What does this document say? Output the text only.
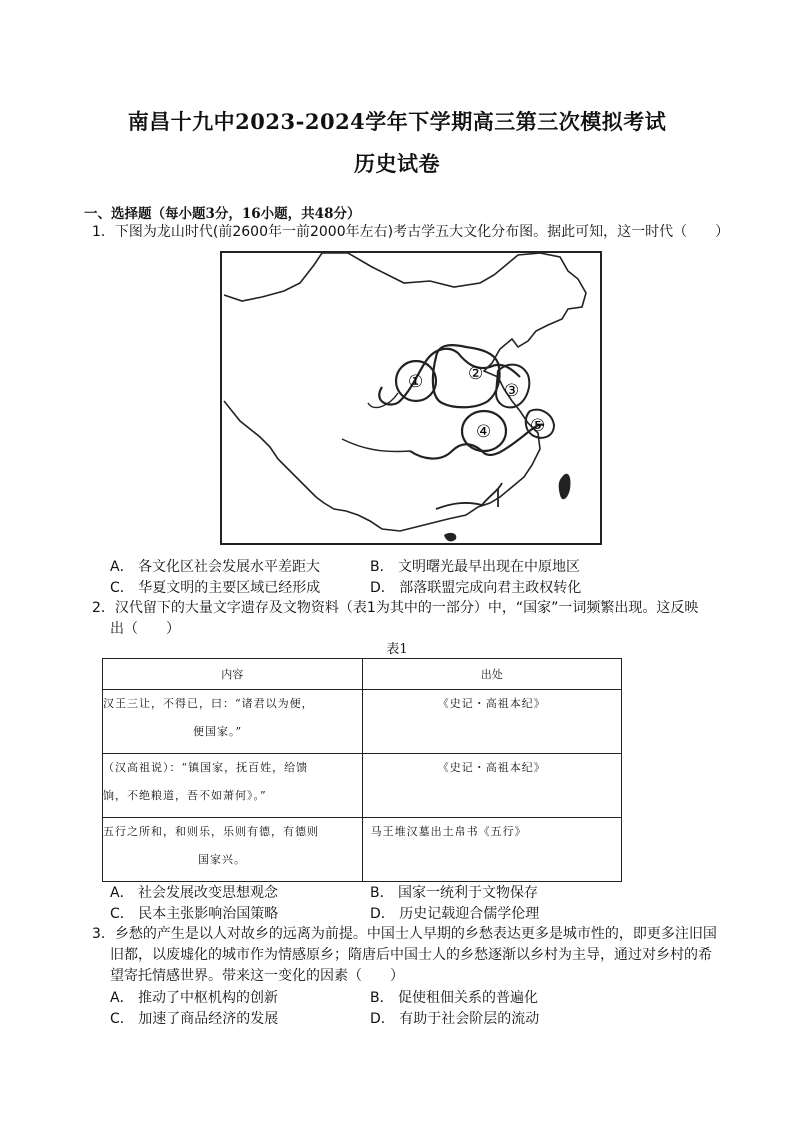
南昌十九中2023-2024学年下学期高三第三次模拟考试
历史试卷
一、选择题（每小题3分，16小题，共48分）
1．下图为龙山时代(前2600年一前2000年左右)考古学五大文化分布图。据此可知，这一时代（　　）
①	②
③
④ ⑤
A． 各文化区社会发展水平差距大	B． 文明曙光最早出现在中原地区
C． 华夏文明的主要区域已经形成	D． 部落联盟完成向君主政权转化
2．汉代留下的大量文字遗存及文物资料（表1为其中的一部分）中，“国家”一词频繁出现。这反映
出（　　）
表1
内容	出处
汉王三让，不得已，曰：“诸君以为便，
便国家。”	《史记・高祖本纪》
（汉高祖说）：“镇国家，抚百姓，给馈
饷，不绝粮道，吾不如萧何》。”	《史记・高祖本纪》
五行之所和，和则乐，乐则有德，有德则
国家兴。	马王堆汉墓出土帛书《五行》
A． 社会发展改变思想观念	B． 国家一统利于文物保存
C． 民本主张影响治国策略	D． 历史记载迎合儒学伦理
3．乡愁的产生是以人对故乡的远离为前提。中国士人早期的乡愁表达更多是城市性的，即更多注旧国
旧都，以废墟化的城市作为情感原乡；隋唐后中国士人的乡愁逐渐以乡村为主导，通过对乡村的希
望寄托情感世界。带来这一变化的因素（　　）
A． 推动了中枢机构的创新	B． 促使租佃关系的普遍化
C． 加速了商品经济的发展	D． 有助于社会阶层的流动
